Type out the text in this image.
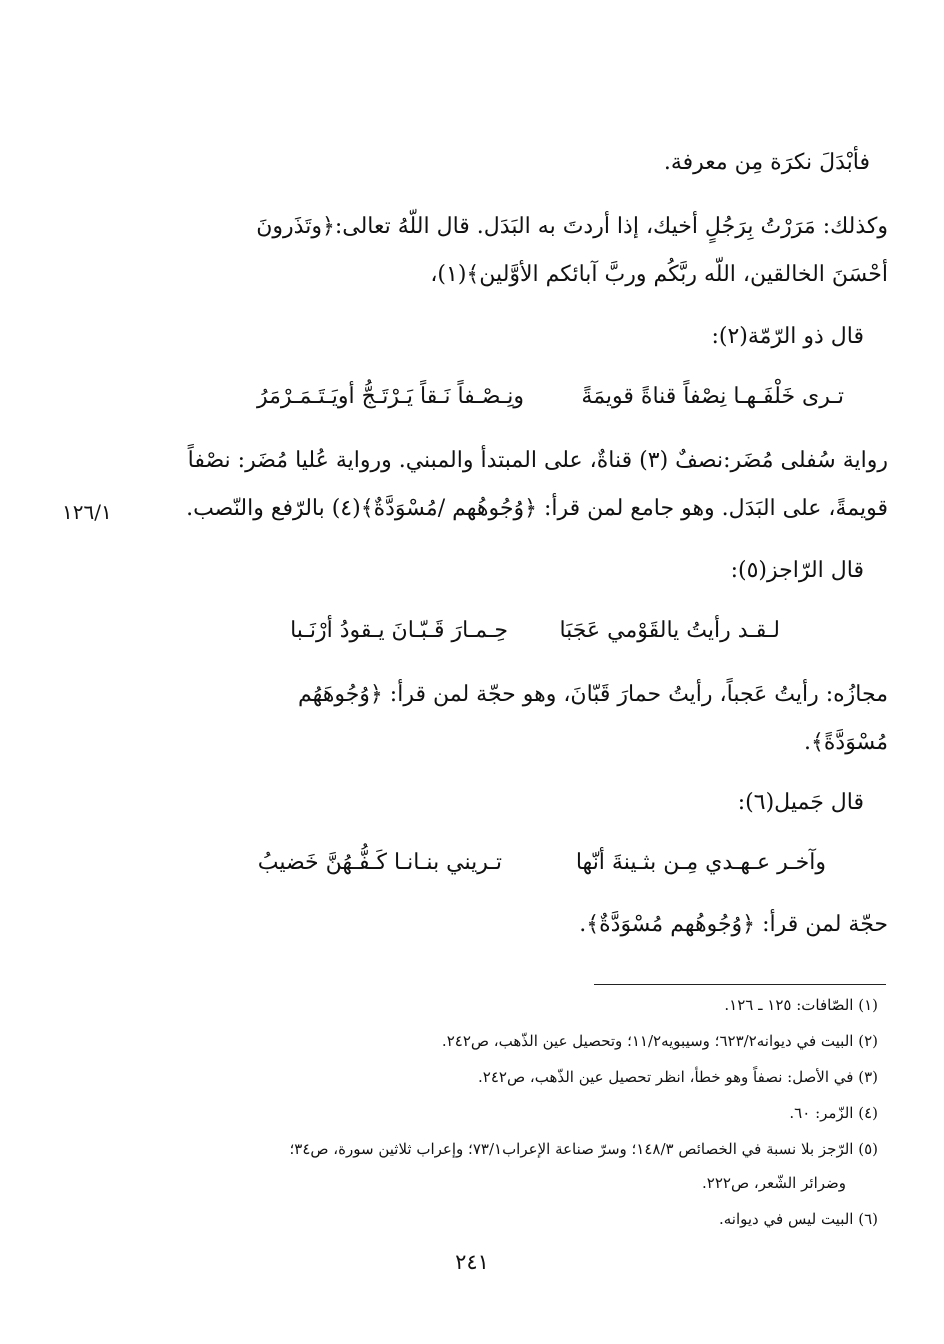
فأبْدَلَ نكرَة مِن معرفة.
وكذلك: مَرَرْتُ بِرَجُلٍ أخيك، إذا أردتَ به البَدَل. قال اللّهُ تعالى:﴿وتَذَرونَ
أحْسَنَ الخالقين، اللّه ربَّكُم وربَّ آبائكم الأوَّلين﴾(١)،
قال ذو الرّمّة(٢):
تـرى خَلْفَـهـا نِصْفاً قناةً قويمَةً
ونِـصْـفاً نَـقاً يَـرْتَـجُّ أويَـتَـمَـرْمَرُ
رواية سُفلى مُضَر:نصفٌ (٣) قناةٌ، على المبتدأ والمبني. ورواية عُليا مُضَر: نصْفاً
قويمةً، على البَدَل. وهو جامع لمن قرأ: ﴿وُجُوهُهم /مُسْوَدَّةٌ﴾(٤) بالرّفع والنّصب.
١٢٦/١
قال الرّاجز(٥):
لـقـد رأيتُ يالقَوْمي عَجَبَا
حِـمـارَ قَـبّـانَ يـقودُ أرْنَـبا
مجازُه: رأيتُ عَجباً، رأيتُ حمارَ قَبّانَ، وهو حجّة لمن قرأ: ﴿وُجُوهَهُم
مُسْوَدَّةً﴾.
قال جَميل(٦):
وآخـر عـهـدي مِـن بثـينةَ أنّها
تـريني بنـانـا كَـفُّـهُنَّ خَضيبُ
حجّة لمن قرأ: ﴿وُجُوهُهم مُسْوَدَّةٌ﴾.
(١) الصّافات: ١٢٥ ـ ١٢٦.
(٢) البيت في ديوانه٦٢٣/٢؛ وسيبويه١١/٢؛ وتحصيل عين الذّهب، ص٢٤٢.
(٣) في الأصل: نصفاً وهو خطأ، انظر تحصيل عين الذّهب، ص٢٤٢.
(٤) الزّمر: ٦٠.
(٥) الرّجز بلا نسبة في الخصائص ١٤٨/٣؛ وسرّ صناعة الإعراب٧٣/١؛ وإعراب ثلاثين سورة، ص٣٤؛
وضرائر الشّعر، ص٢٢٢.
(٦) البيت ليس في ديوانه.
٢٤١
